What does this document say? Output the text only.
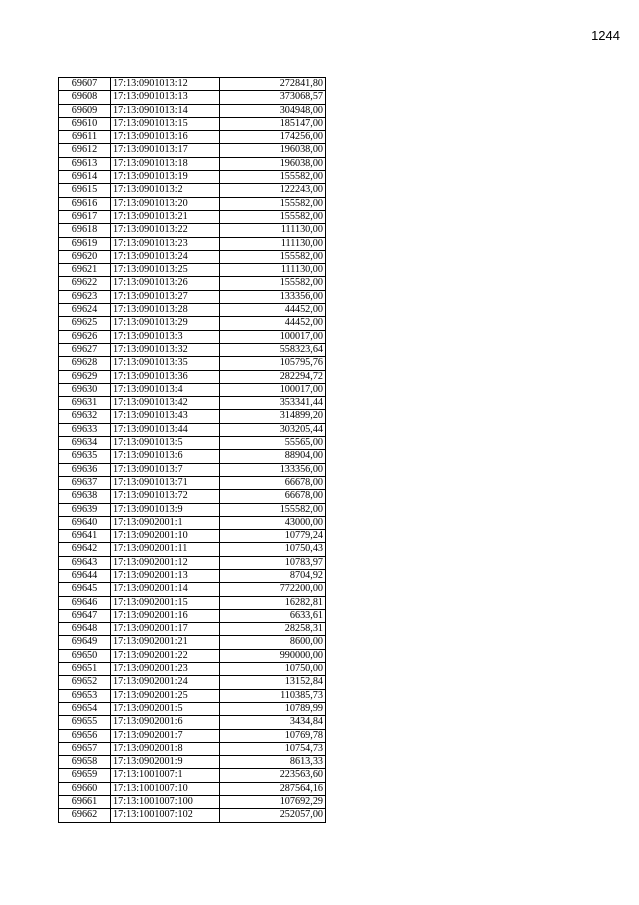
1244
69607	17:13:0901013:12	272841,80
69608	17:13:0901013:13	373068,57
69609	17:13:0901013:14	304948,00
69610	17:13:0901013:15	185147,00
69611	17:13:0901013:16	174256,00
69612	17:13:0901013:17	196038,00
69613	17:13:0901013:18	196038,00
69614	17:13:0901013:19	155582,00
69615	17:13:0901013:2	122243,00
69616	17:13:0901013:20	155582,00
69617	17:13:0901013:21	155582,00
69618	17:13:0901013:22	111130,00
69619	17:13:0901013:23	111130,00
69620	17:13:0901013:24	155582,00
69621	17:13:0901013:25	111130,00
69622	17:13:0901013:26	155582,00
69623	17:13:0901013:27	133356,00
69624	17:13:0901013:28	44452,00
69625	17:13:0901013:29	44452,00
69626	17:13:0901013:3	100017,00
69627	17:13:0901013:32	558323,64
69628	17:13:0901013:35	105795,76
69629	17:13:0901013:36	282294,72
69630	17:13:0901013:4	100017,00
69631	17:13:0901013:42	353341,44
69632	17:13:0901013:43	314899,20
69633	17:13:0901013:44	303205,44
69634	17:13:0901013:5	55565,00
69635	17:13:0901013:6	88904,00
69636	17:13:0901013:7	133356,00
69637	17:13:0901013:71	66678,00
69638	17:13:0901013:72	66678,00
69639	17:13:0901013:9	155582,00
69640	17:13:0902001:1	43000,00
69641	17:13:0902001:10	10779,24
69642	17:13:0902001:11	10750,43
69643	17:13:0902001:12	10783,97
69644	17:13:0902001:13	8704,92
69645	17:13:0902001:14	772200,00
69646	17:13:0902001:15	16282,81
69647	17:13:0902001:16	6633,61
69648	17:13:0902001:17	28258,31
69649	17:13:0902001:21	8600,00
69650	17:13:0902001:22	990000,00
69651	17:13:0902001:23	10750,00
69652	17:13:0902001:24	13152,84
69653	17:13:0902001:25	110385,73
69654	17:13:0902001:5	10789,99
69655	17:13:0902001:6	3434,84
69656	17:13:0902001:7	10769,78
69657	17:13:0902001:8	10754,73
69658	17:13:0902001:9	8613,33
69659	17:13:1001007:1	223563,60
69660	17:13:1001007:10	287564,16
69661	17:13:1001007:100	107692,29
69662	17:13:1001007:102	252057,00
